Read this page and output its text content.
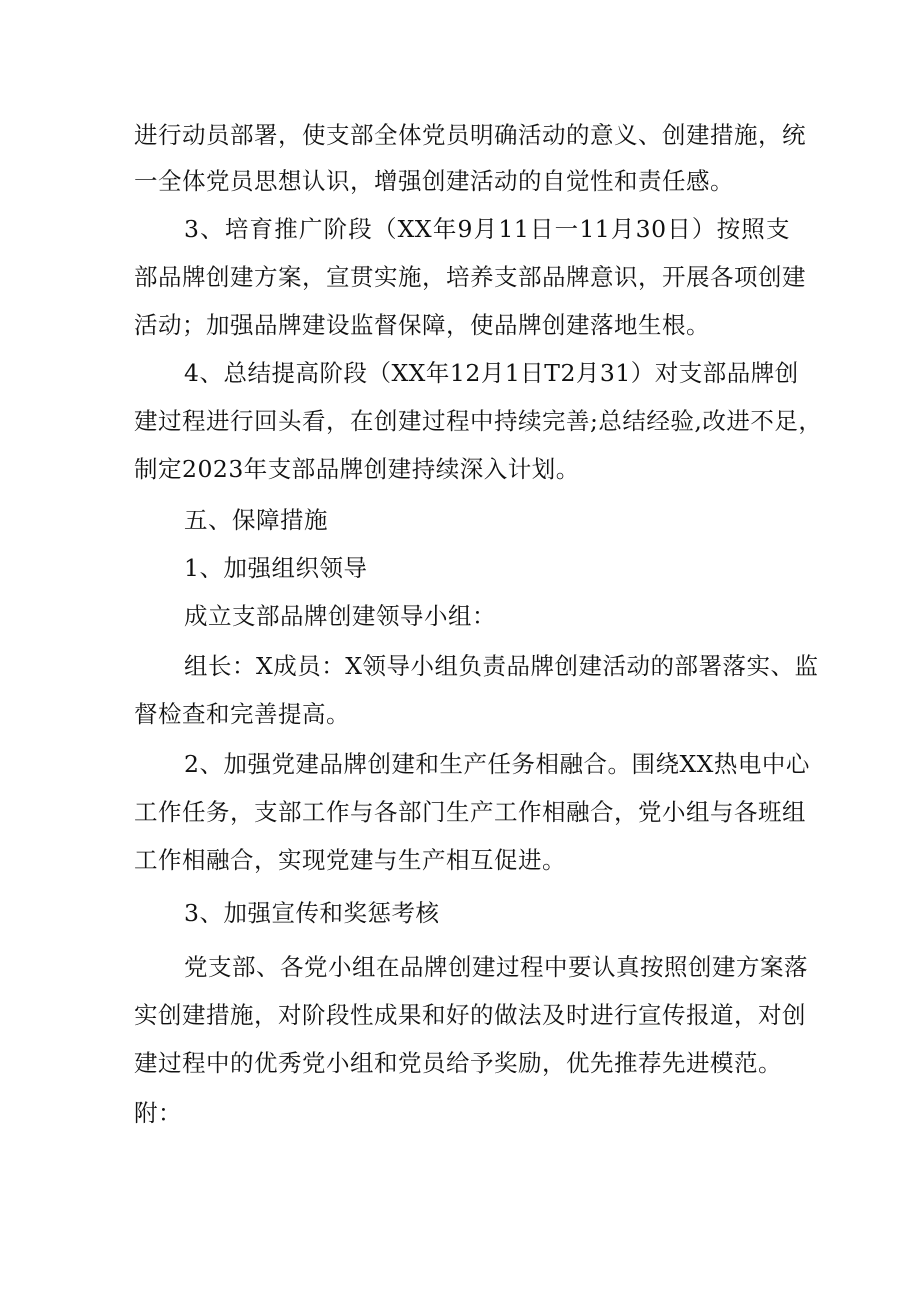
进行动员部署，使支部全体党员明确活动的意义、创建措施，统
一全体党员思想认识，增强创建活动的自觉性和责任感。
3、培育推广阶段（XX年9月11日一11月30日）按照支
部品牌创建方案，宣贯实施，培养支部品牌意识，开展各项创建
活动；加强品牌建设监督保障，使品牌创建落地生根。
4、总结提高阶段（XX年12月1日T2月31）对支部品牌创
建过程进行回头看，在创建过程中持续完善;总结经验,改进不足，
制定2023年支部品牌创建持续深入计划。
五、保障措施
1、加强组织领导
成立支部品牌创建领导小组：
组长：X成员：X领导小组负责品牌创建活动的部署落实、监
督检查和完善提高。
2、加强党建品牌创建和生产任务相融合。围绕XX热电中心
工作任务，支部工作与各部门生产工作相融合，党小组与各班组
工作相融合，实现党建与生产相互促进。
3、加强宣传和奖惩考核
党支部、各党小组在品牌创建过程中要认真按照创建方案落
实创建措施，对阶段性成果和好的做法及时进行宣传报道，对创
建过程中的优秀党小组和党员给予奖励，优先推荐先进模范。
附：
